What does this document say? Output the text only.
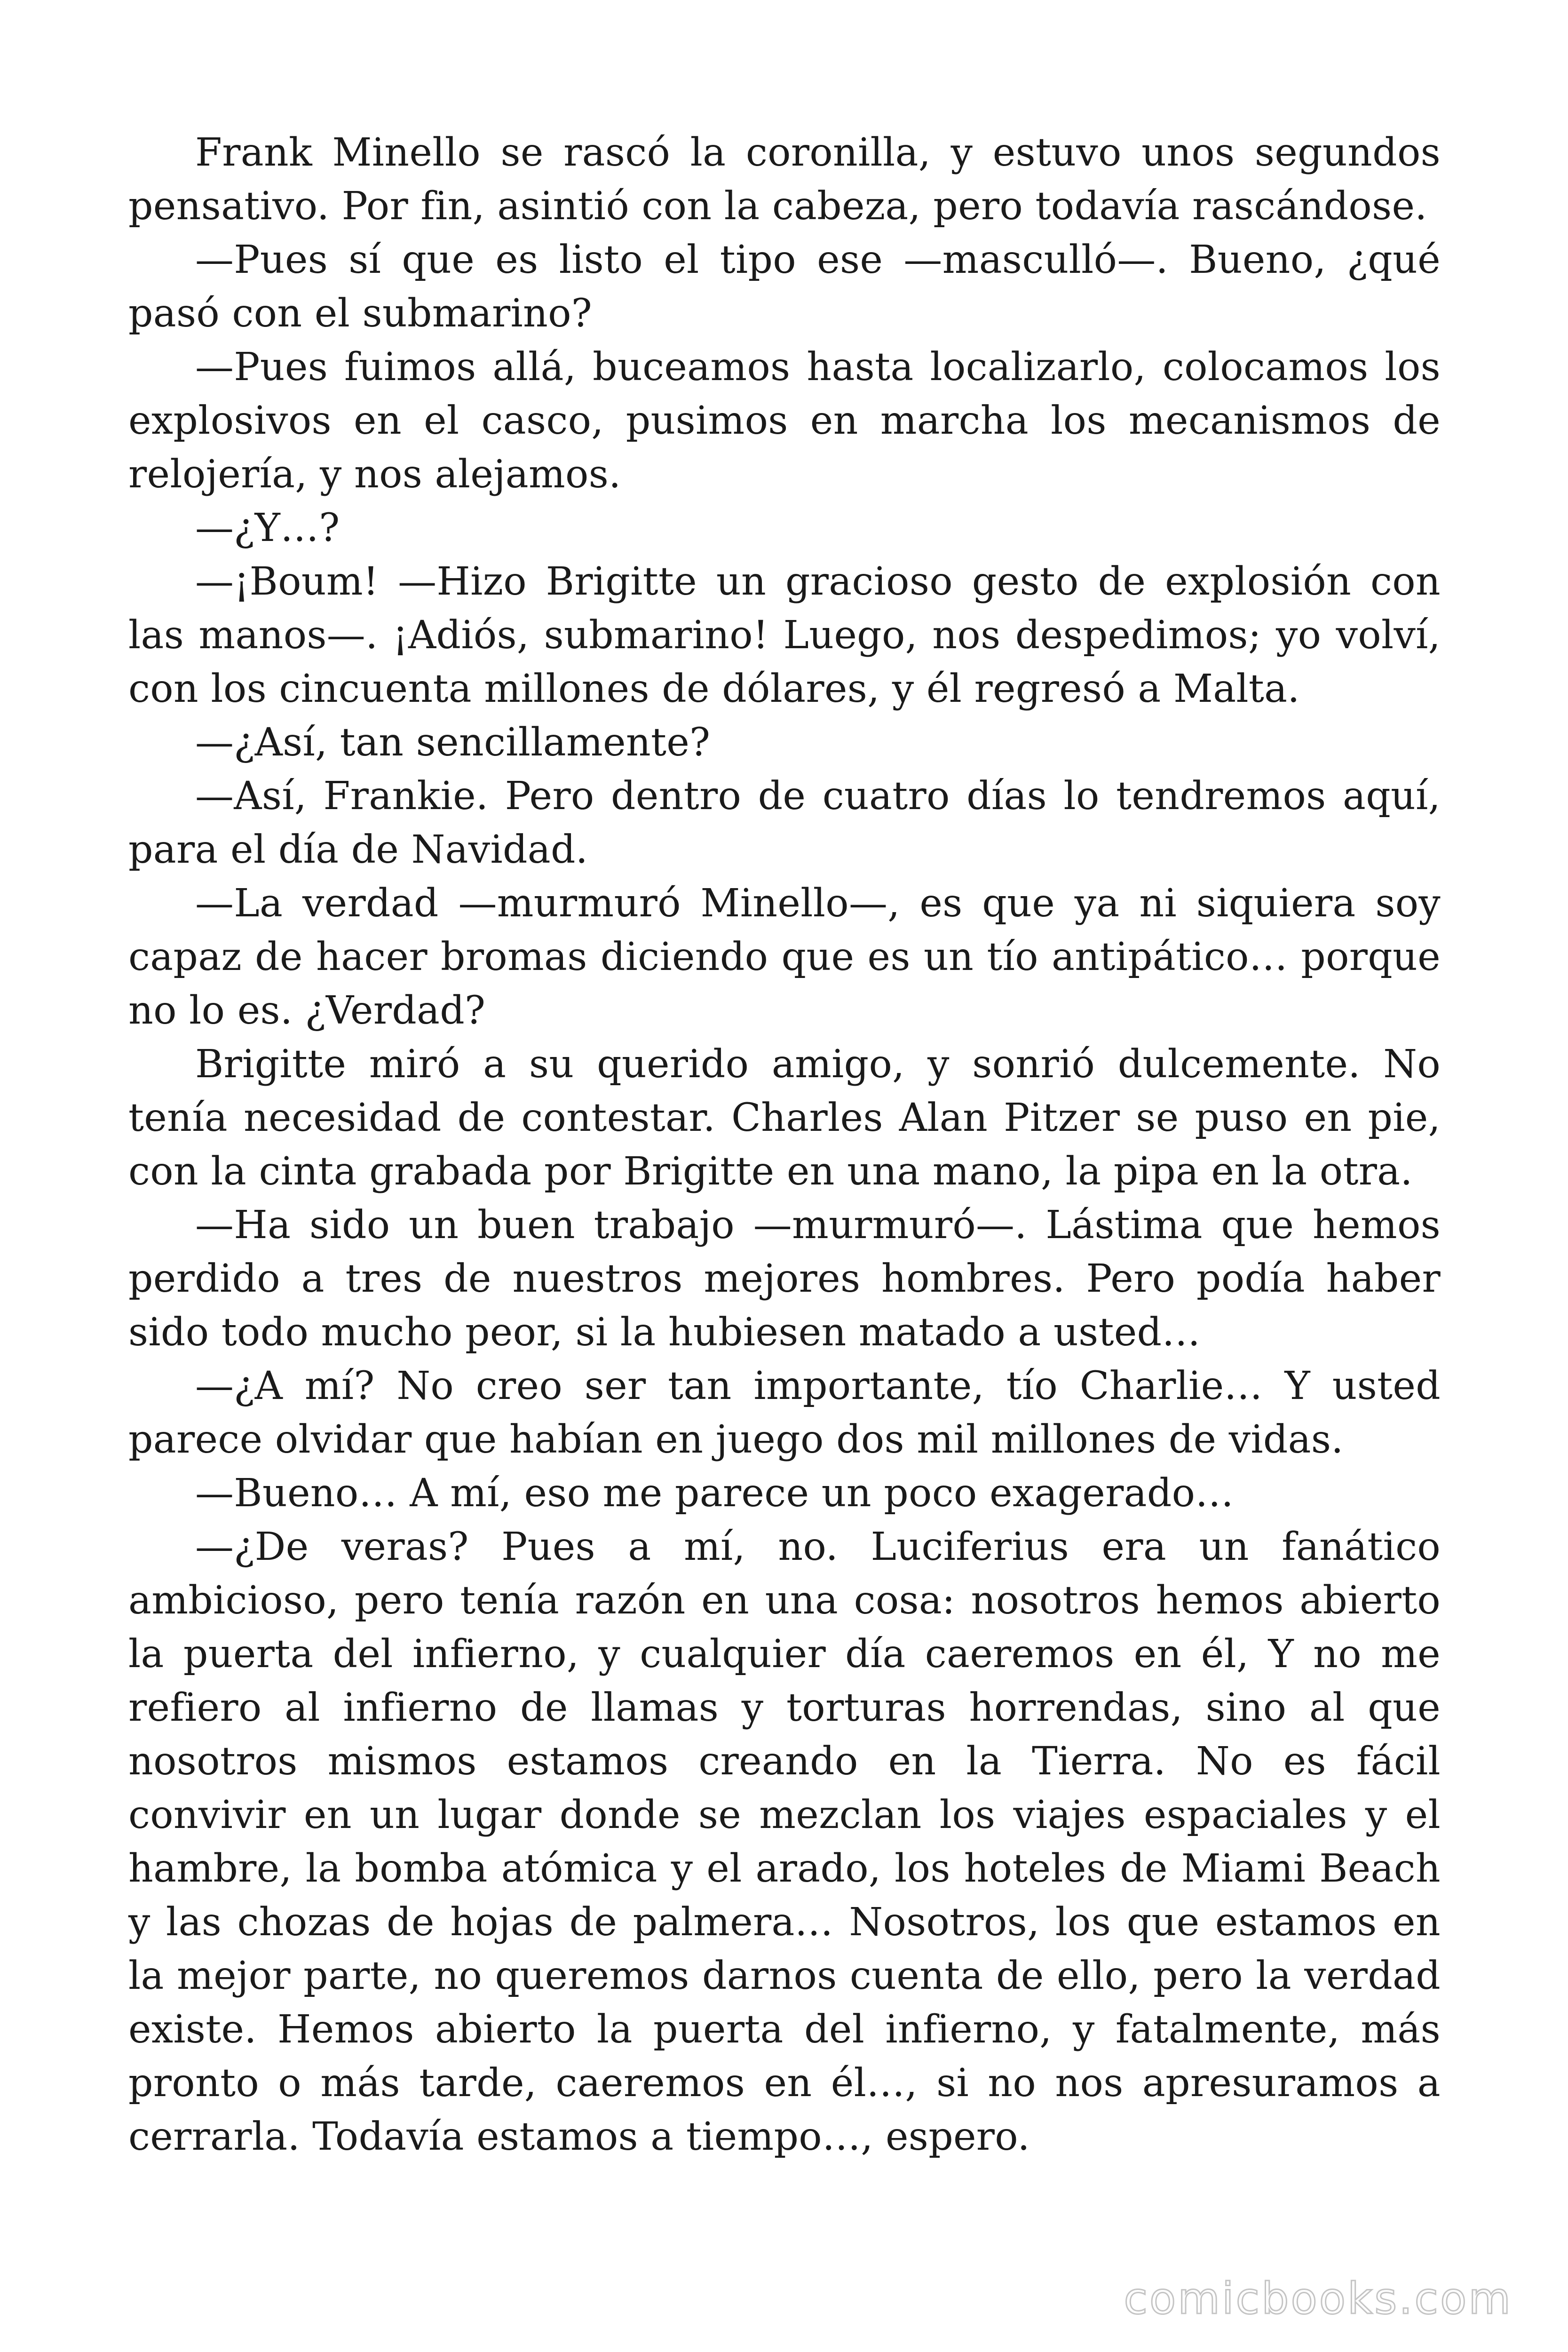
Frank Minello se rascó la coronilla, y estuvo unos segundos pensativo. Por fin, asintió con la cabeza, pero todavía rascándose.

—Pues sí que es listo el tipo ese —masculló—. Bueno, ¿qué pasó con el submarino?

—Pues fuimos allá, buceamos hasta localizarlo, colocamos los explosivos en el casco, pusimos en marcha los mecanismos de relojería, y nos alejamos.

—¿Y…?

—¡Boum! —Hizo Brigitte un gracioso gesto de explosión con las manos—. ¡Adiós, submarino! Luego, nos despedimos; yo volví, con los cincuenta millones de dólares, y él regresó a Malta.

—¿Así, tan sencillamente?

—Así, Frankie. Pero dentro de cuatro días lo tendremos aquí, para el día de Navidad.

—La verdad —murmuró Minello—, es que ya ni siquiera soy capaz de hacer bromas diciendo que es un tío antipático… porque no lo es. ¿Verdad?

Brigitte miró a su querido amigo, y sonrió dulcemente. No tenía necesidad de contestar. Charles Alan Pitzer se puso en pie, con la cinta grabada por Brigitte en una mano, la pipa en la otra.

—Ha sido un buen trabajo —murmuró—. Lástima que hemos perdido a tres de nuestros mejores hombres. Pero podía haber sido todo mucho peor, si la hubiesen matado a usted…

—¿A mí? No creo ser tan importante, tío Charlie… Y usted parece olvidar que habían en juego dos mil millones de vidas.

—Bueno… A mí, eso me parece un poco exagerado…

—¿De veras? Pues a mí, no. Luciferius era un fanático ambicioso, pero tenía razón en una cosa: nosotros hemos abierto la puerta del infierno, y cualquier día caeremos en él, Y no me refiero al infierno de llamas y torturas horrendas, sino al que nosotros mismos estamos creando en la Tierra. No es fácil convivir en un lugar donde se mezclan los viajes espaciales y el hambre, la bomba atómica y el arado, los hoteles de Miami Beach y las chozas de hojas de palmera… Nosotros, los que estamos en la mejor parte, no queremos darnos cuenta de ello, pero la verdad existe. Hemos abierto la puerta del infierno, y fatalmente, más pronto o más tarde, caeremos en él…, si no nos apresuramos a cerrarla. Todavía estamos a tiempo…, espero.

comicbooks.com
